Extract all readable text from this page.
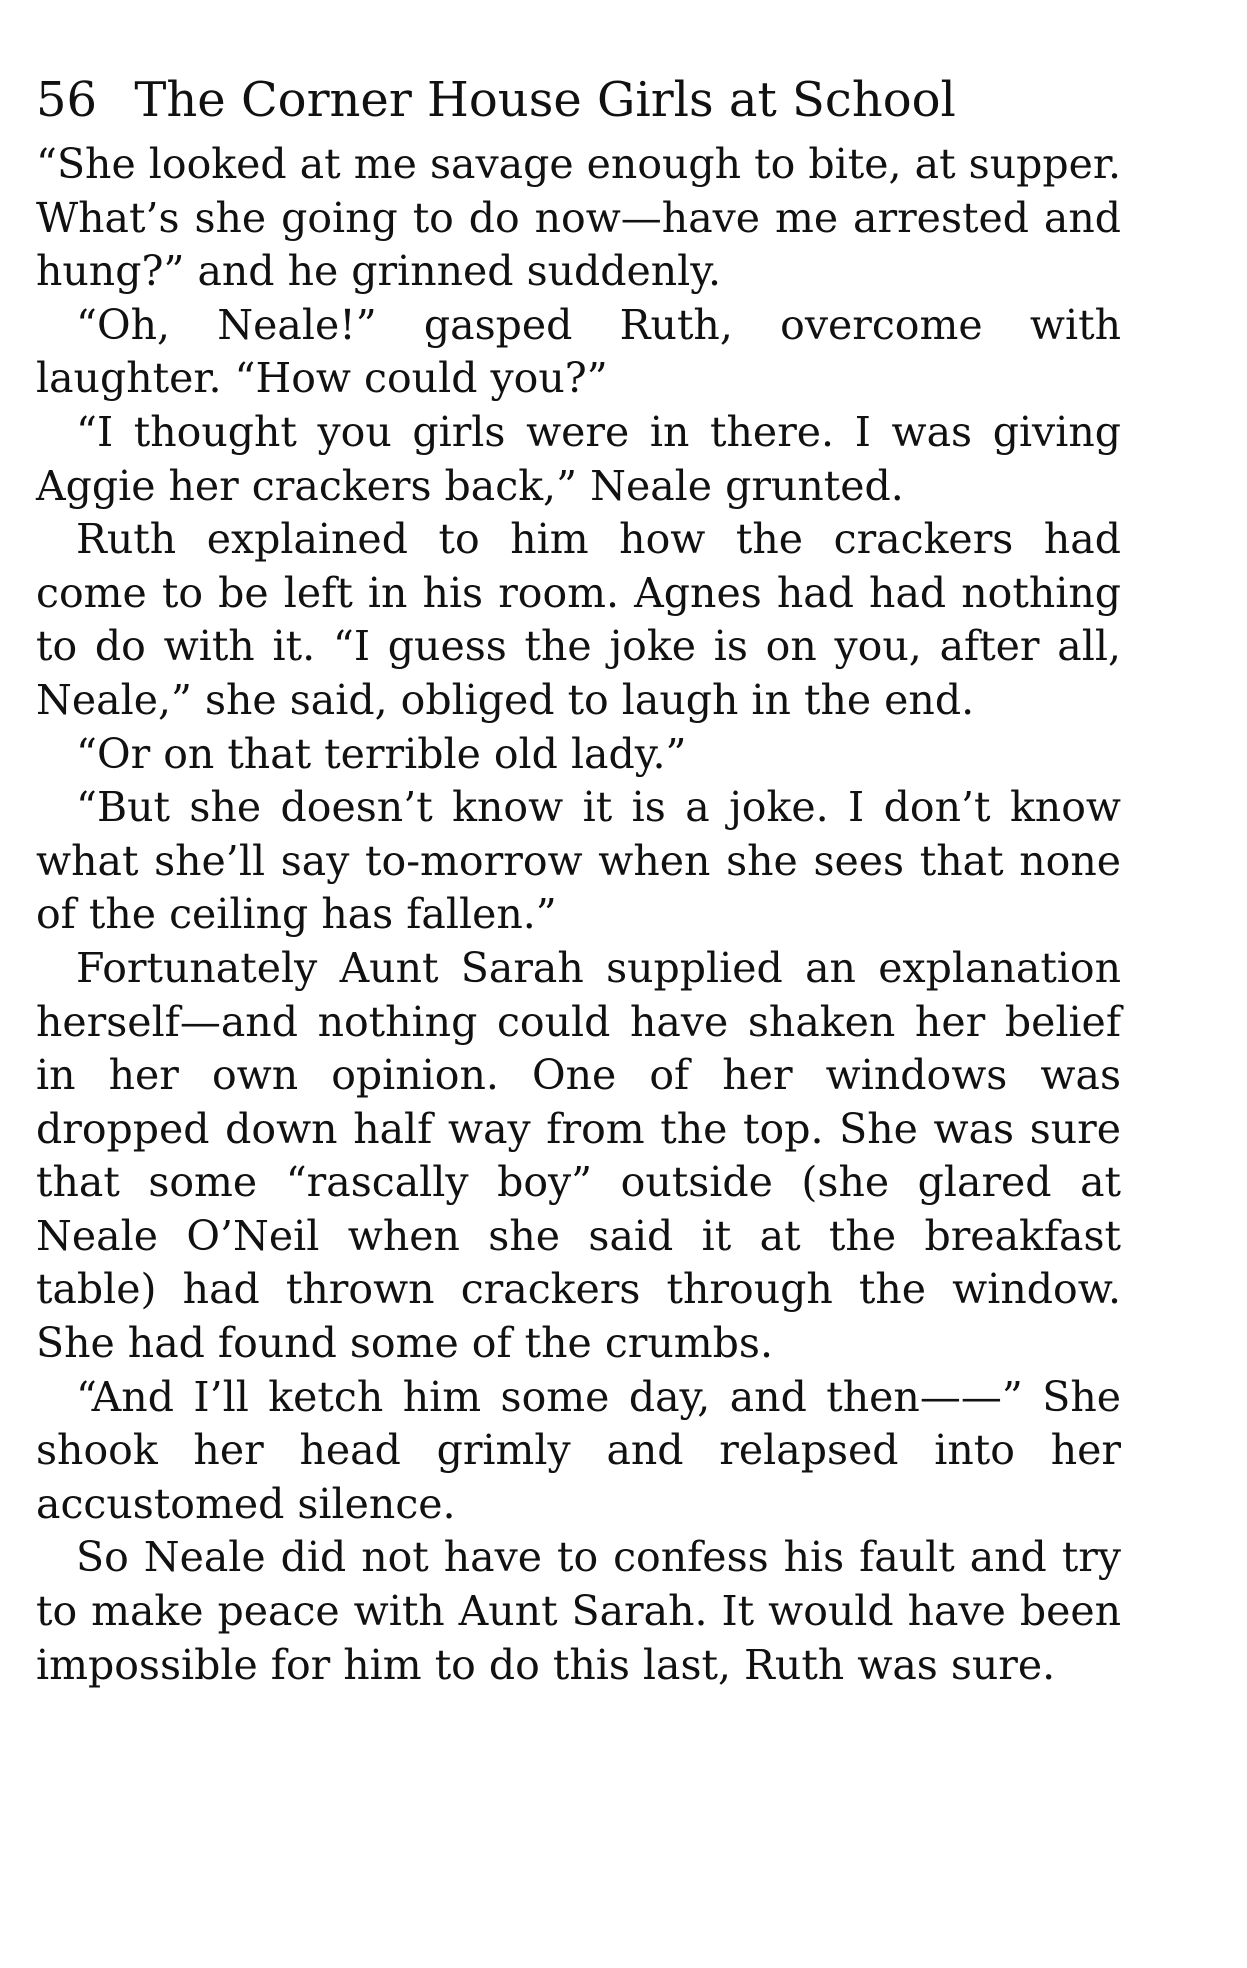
56 The Corner House Girls at School

“She looked at me savage enough to bite, at supper. What’s she going to do now—have me arrested and hung?” and he grinned suddenly.

“Oh, Neale!” gasped Ruth, overcome with laughter. “How could you?”

“I thought you girls were in there. I was giving Aggie her crackers back,” Neale grunted.

Ruth explained to him how the crackers had come to be left in his room. Agnes had had nothing to do with it. “I guess the joke is on you, after all, Neale,” she said, obliged to laugh in the end.

“Or on that terrible old lady.”

“But she doesn’t know it is a joke. I don’t know what she’ll say to-morrow when she sees that none of the ceiling has fallen.”

Fortunately Aunt Sarah supplied an explanation herself—and nothing could have shaken her belief in her own opinion. One of her windows was dropped down half way from the top. She was sure that some “rascally boy” outside (she glared at Neale O’Neil when she said it at the breakfast table) had thrown crackers through the window. She had found some of the crumbs.

“And I’ll ketch him some day, and then——” She shook her head grimly and relapsed into her accustomed silence.

So Neale did not have to confess his fault and try to make peace with Aunt Sarah. It would have been impossible for him to do this last, Ruth was sure.
